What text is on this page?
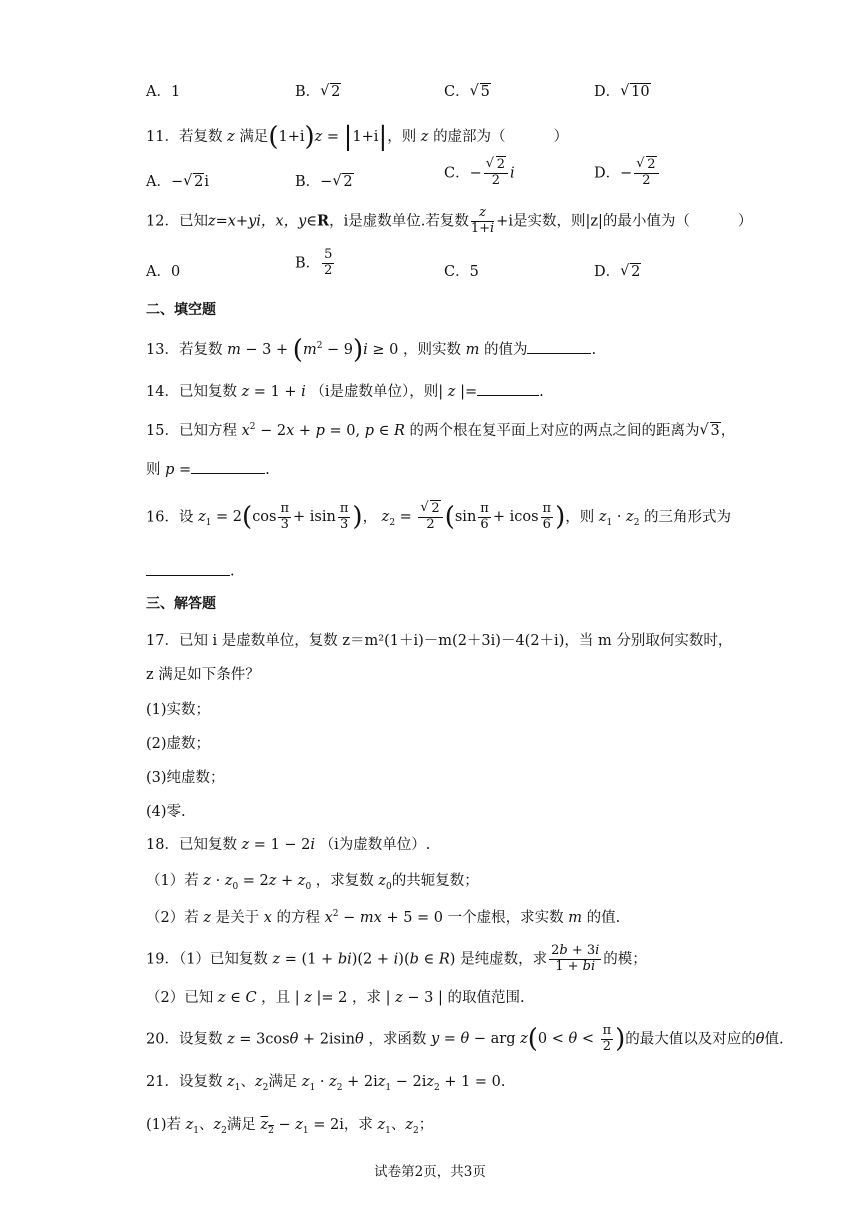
A．1	B． √ 2	C． √ 5	D． √ 10
11．若复数 z 满足(1+i)z = |1+i|，则 z 的虚部为（	）
A．− √ 2i	B．− √ 2
C．− √ $\frac{2}{2}$ i	D．− √ $\frac{2}{2}$
12．已知z=x+yi，x，y∈R，i是虚数单位.若复数 $\frac{z}{1+i} +i$是实数，则|z|的最小值为（	）
A．0
B． $\frac{5}{2}$	C．5	D． √ 2
二、填空题
13．若复数 $m - 3 + (m^2 - 9)i \ge 0$ ，则实数 m 的值为	.
14．已知复数 z = 1 + i （i是虚数单位），则| z |=	.
15．已知方程 $x^2 - 2x + p = 0$, p ∈ R 的两个根在复平面上对应的两点之间的距离为 √ 3，
则 p =	.
16．设 $z_1 = 2(\cos \frac{\pi}{3} + isin \frac{\pi}{3}$ )， $z_2$ = √ $\frac{2}{2} (\sin \frac{\pi}{6} + icos \frac{\pi}{6}$ )，则 $z_1 \cdot z_2$ 的三角形式为
.
三、解答题
17．已知 i 是虚数单位，复数 z＝m²(1＋i)－m(2＋3i)－4(2＋i)，当 m 分别取何实数时，
z 满足如下条件？
(1)实数；
(2)虚数；
(3)纯虚数；
(4)零.
18．已知复数 z = 1 − 2i （i为虚数单位）.
（1）若 $z \cdot z_0 = 2z + z_0$ ，求复数 $z_0$的共轭复数；
（2）若 z 是关于 x 的方程 $x^2$ − mx + 5 = 0 一个虚根，求实数 m 的值.
19．（1）已知复数 z = (1 + bi)(2 + i)(b ∈ R) 是纯虚数，求 $\frac{2b + 3i}{1 + bi}$ 的模；
（2）已知 z ∈ C ，且 | z |= 2 ，求 | z − 3 | 的取值范围.
20．设复数 z = 3cosθ + 2isinθ ，求函数 y = θ − arg $z(0 < \theta < \frac{\pi}{2}$ )的最大值以及对应的θ值.
21．设复数 $z_1$、$z_2$满足 $z_1 \cdot z_2 + 2iz_1 - 2iz_2 + 1 = 0$.
(1)若 $z_1$、$z_2$满足 $z_2 - z_1 = 2i$，求 $z_1$、$z_2$；
试卷第2页，共3页
